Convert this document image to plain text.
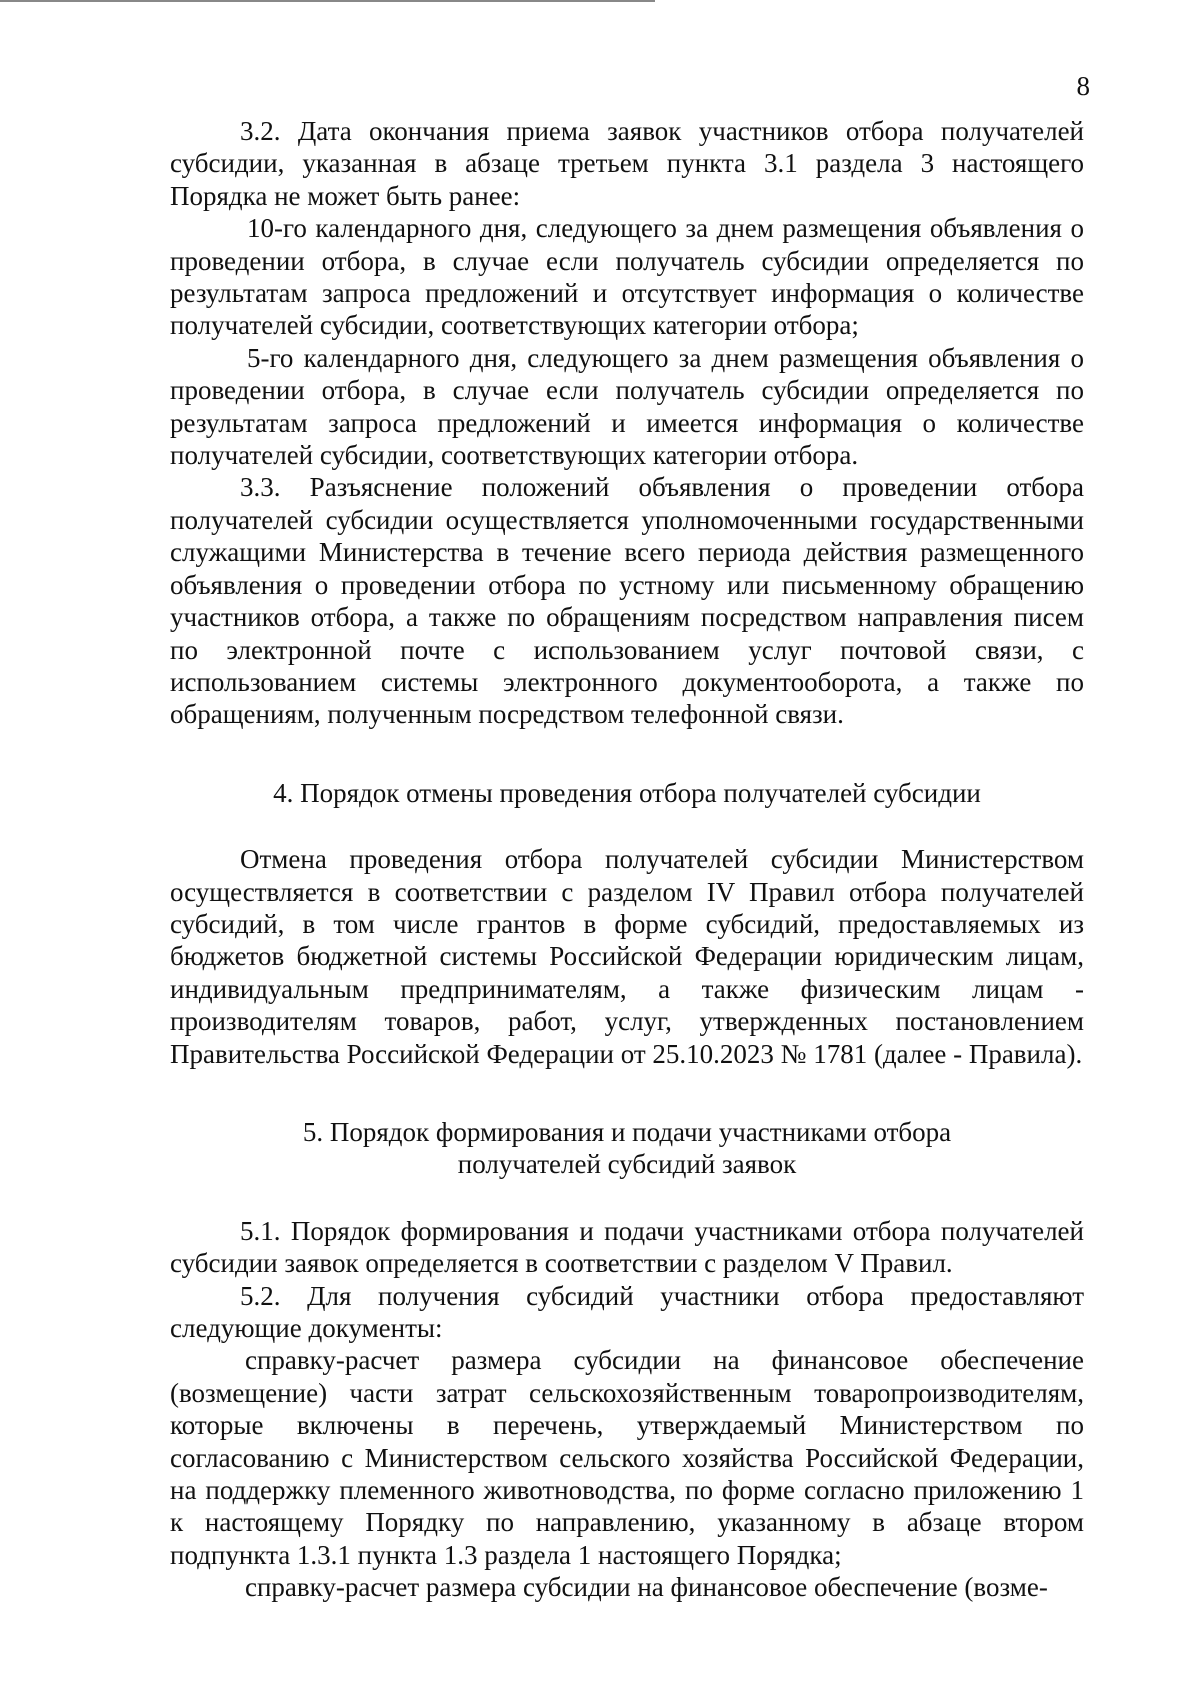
8

3.2. Дата окончания приема заявок участников отбора получателей субсидии, указанная в абзаце третьем пункта 3.1 раздела 3 настоящего Порядка не может быть ранее:

10-го календарного дня, следующего за днем размещения объявления о проведении отбора, в случае если получатель субсидии определяется по результатам запроса предложений и отсутствует информация о количестве получателей субсидии, соответствующих категории отбора;

5-го календарного дня, следующего за днем размещения объявления о проведении отбора, в случае если получатель субсидии определяется по результатам запроса предложений и имеется информация о количестве получателей субсидии, соответствующих категории отбора.

3.3. Разъяснение положений объявления о проведении отбора получателей субсидии осуществляется уполномоченными государственными служащими Министерства в течение всего периода действия размещенного объявления о проведении отбора по устному или письменному обращению участников отбора, а также по обращениям посредством направления писем по электронной почте с использованием услуг почтовой связи, с использованием системы электронного документооборота, а также по обращениям, полученным посредством телефонной связи.

4. Порядок отмены проведения отбора получателей субсидии

Отмена проведения отбора получателей субсидии Министерством осуществляется в соответствии с разделом IV Правил отбора получателей субсидий, в том числе грантов в форме субсидий, предоставляемых из бюджетов бюджетной системы Российской Федерации юридическим лицам, индивидуальным предпринимателям, а также физическим лицам - производителям товаров, работ, услуг, утвержденных постановлением Правительства Российской Федерации от 25.10.2023 № 1781 (далее - Правила).

5. Порядок формирования и подачи участниками отбора

получателей субсидий заявок

5.1. Порядок формирования и подачи участниками отбора получателей субсидии заявок определяется в соответствии с разделом V Правил.

5.2. Для получения субсидий участники отбора предоставляют следующие документы:

справку-расчет размера субсидии на финансовое обеспечение (возмещение) части затрат сельскохозяйственным товаропроизводителям, которые включены в перечень, утверждаемый Министерством по согласованию с Министерством сельского хозяйства Российской Федерации, на поддержку племенного животноводства, по форме согласно приложению 1 к настоящему Порядку по направлению, указанному в абзаце втором подпункта 1.3.1 пункта 1.3 раздела 1 настоящего Порядка;

справку-расчет размера субсидии на финансовое обеспечение (возме-
